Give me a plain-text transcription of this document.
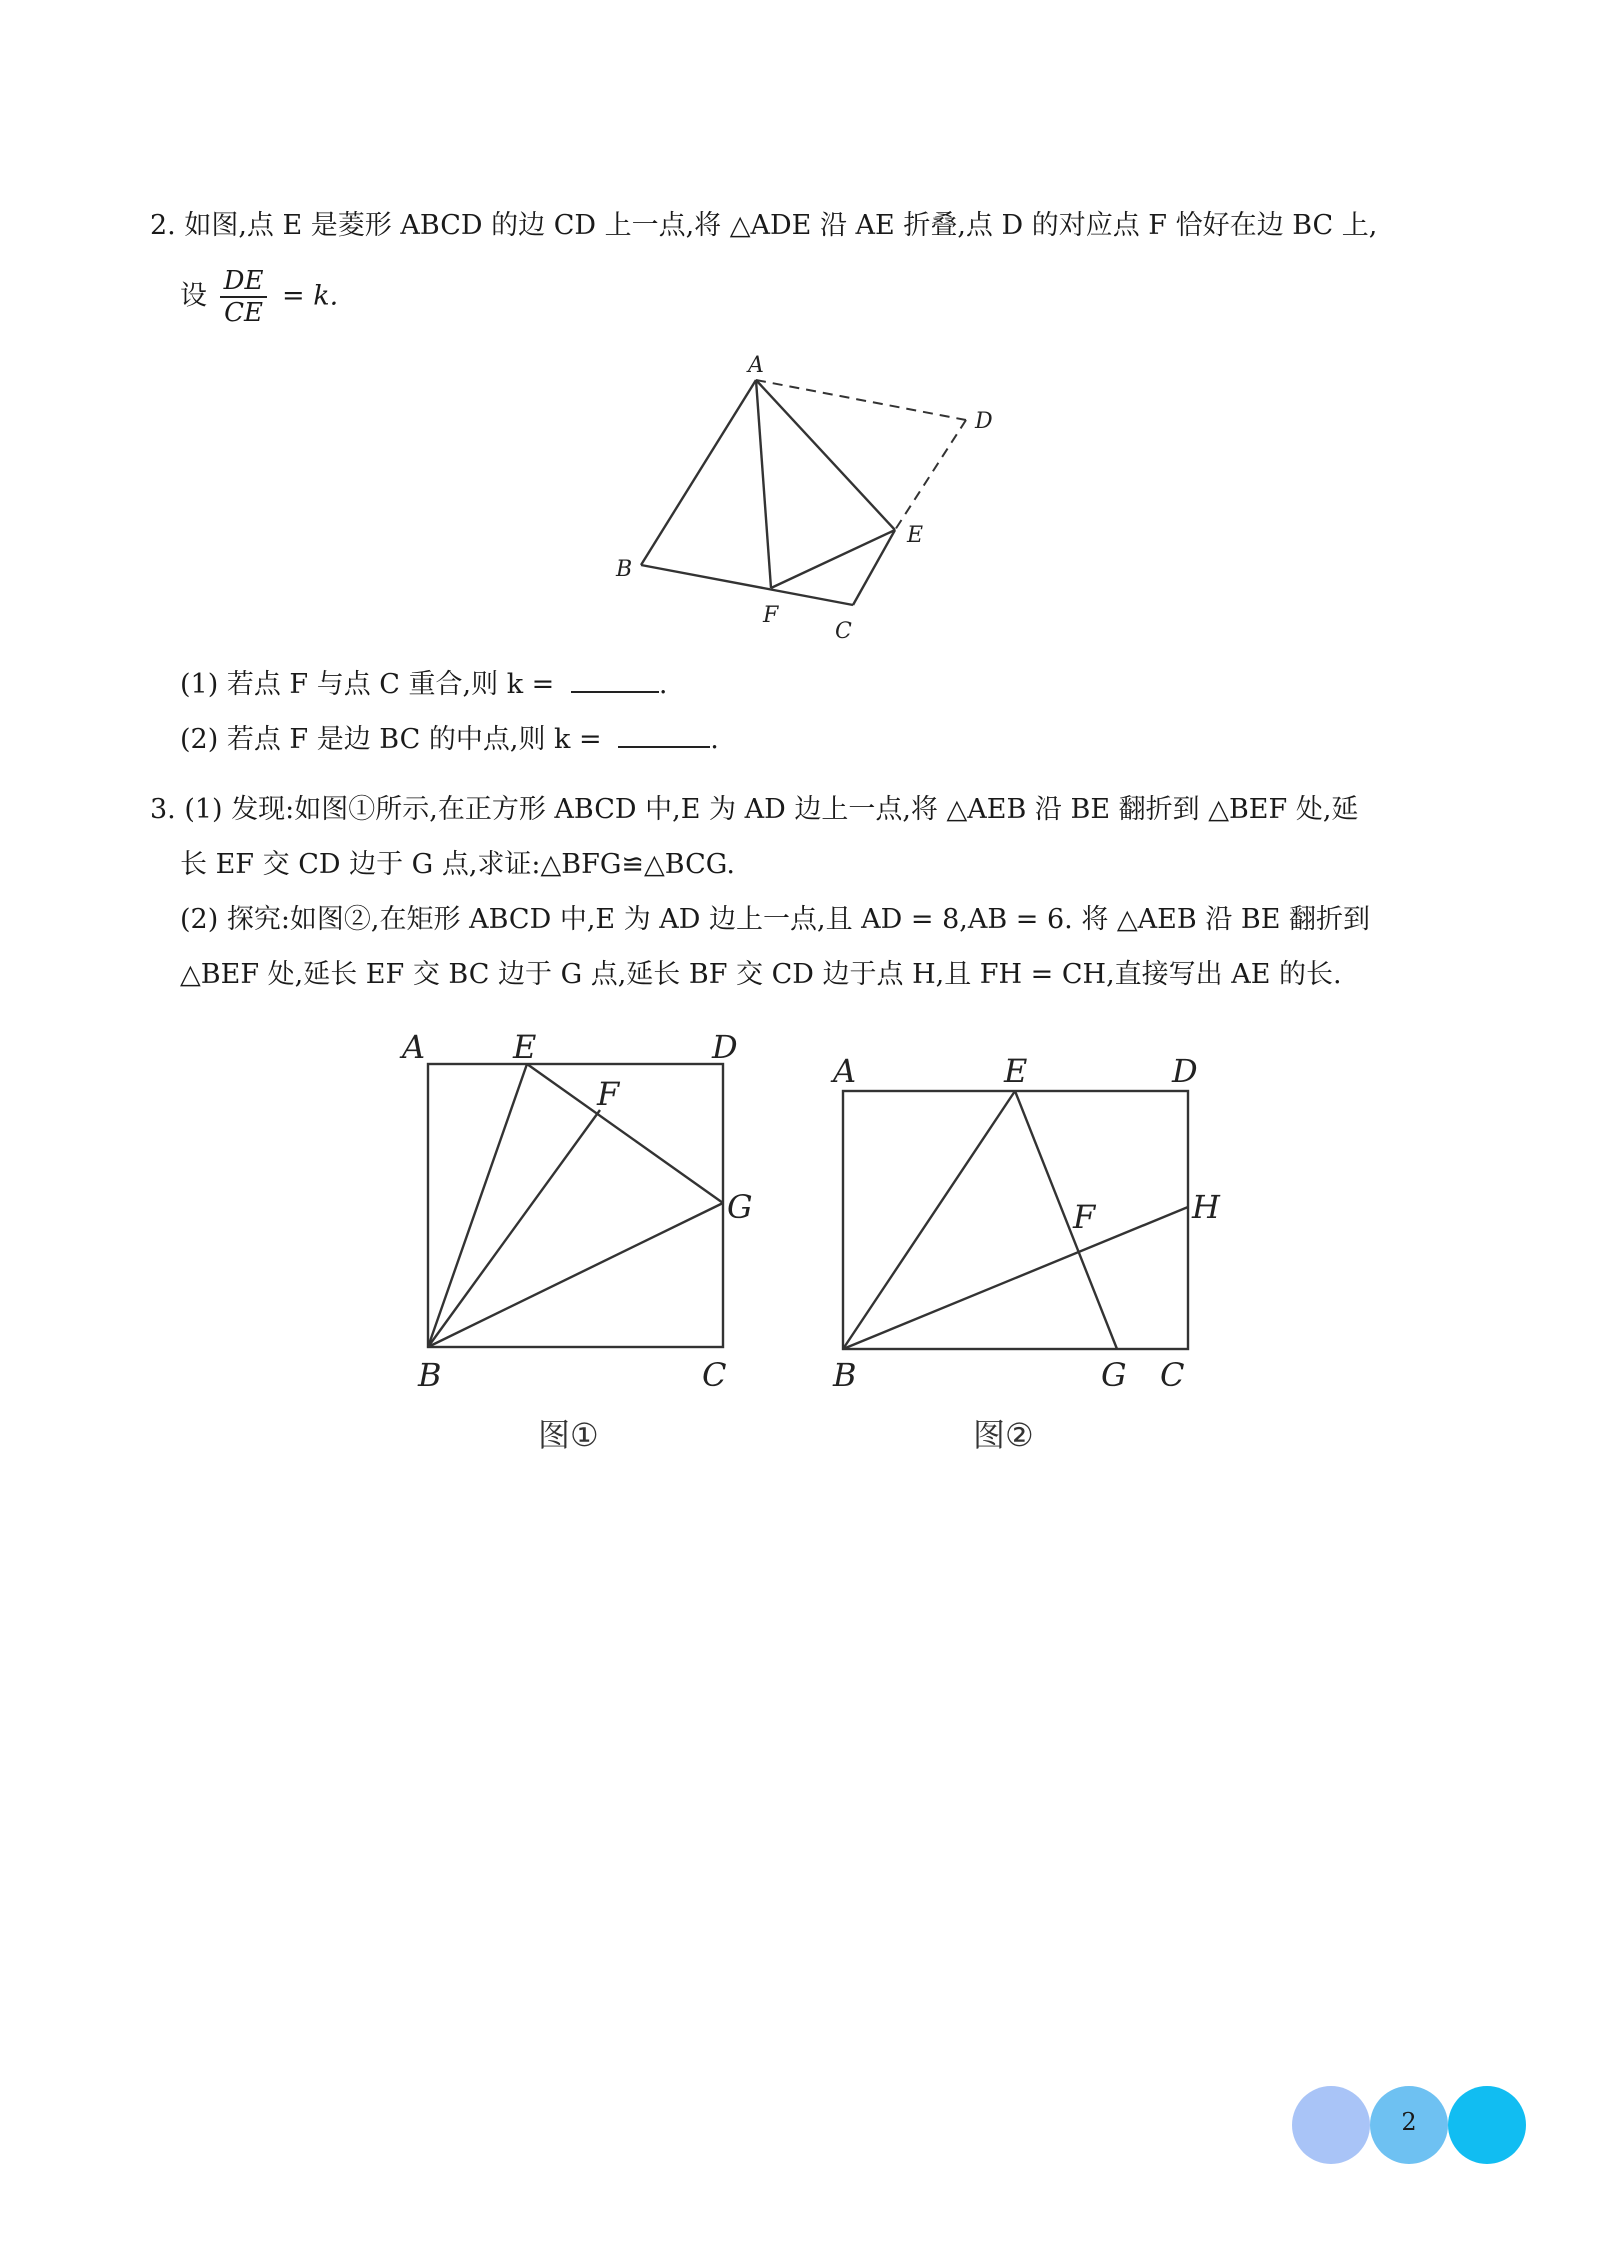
2. 如图,点 E 是菱形 ABCD 的边 CD 上一点,将 △ADE 沿 AE 折叠,点 D 的对应点 F 恰好在边 BC 上,
设 $\frac{DE}{CE} = k$.
A
D
E
B
F
C
(1) 若点 F 与点 C 重合,则 k =	.
(2) 若点 F 是边 BC 的中点,则 k =	.
3. (1) 发现:如图①所示,在正方形 ABCD 中,E 为 AD 边上一点,将 △AEB 沿 BE 翻折到 △BEF 处,延
长 EF 交 CD 边于 G 点,求证:△BFG≌△BCG.
(2) 探究:如图②,在矩形 ABCD 中,E 为 AD 边上一点,且 AD = 8,AB = 6. 将 △AEB 沿 BE 翻折到
△BEF 处,延长 EF 交 BC 边于 G 点,延长 BF 交 CD 边于点 H,且 FH = CH,直接写出 AE 的长.
A	E	D
F
G
B	C
A	E	D
H
F
B	G C
图①	图②
2
